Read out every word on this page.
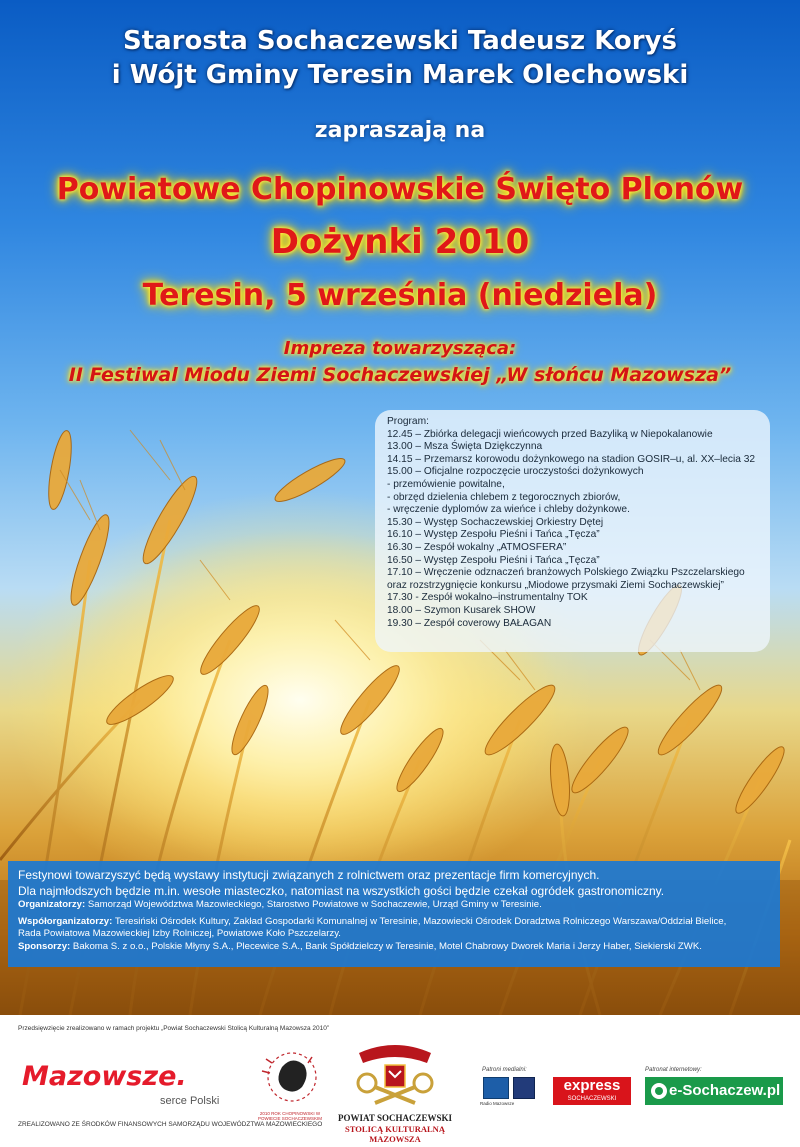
Starosta Sochaczewski Tadeusz Koryś
i Wójt Gminy Teresin Marek Olechowski
zapraszają na
Powiatowe Chopinowskie Święto Plonów
Dożynki 2010
Teresin, 5 września (niedziela)
Impreza towarzysząca:
II Festiwal Miodu Ziemi Sochaczewskiej „W słońcu Mazowsza”
Program:
12.45 – Zbiórka delegacji wieńcowych przed Bazyliką w Niepokalanowie
13.00 – Msza Święta Dziękczynna
14.15 – Przemarsz korowodu dożynkowego na stadion GOSIR–u, al. XX–lecia 32
15.00 – Oficjalne rozpoczęcie uroczystości dożynkowych
- przemówienie powitalne,
- obrzęd dzielenia chlebem z tegorocznych zbiorów,
- wręczenie dyplomów za wieńce i chleby dożynkowe.
15.30 – Występ Sochaczewskiej Orkiestry Dętej
16.10 – Występ Zespołu Pieśni i Tańca „Tęcza”
16.30 – Zespół wokalny „ATMOSFERA”
16.50 – Występ Zespołu Pieśni i Tańca „Tęcza”
17.10 – Wręczenie odznaczeń branżowych Polskiego Związku Pszczelarskiego
oraz rozstrzygnięcie konkursu „Miodowe przysmaki Ziemi Sochaczewskiej”
17.30 - Zespół wokalno–instrumentalny TOK
18.00 – Szymon Kusarek SHOW
19.30 – Zespół coverowy BAŁAGAN
Festynowi towarzyszyć będą wystawy instytucji związanych z rolnictwem oraz prezentacje firm komercyjnych.
Dla najmłodszych będzie m.in. wesołe miasteczko, natomiast na wszystkich gości będzie czekał ogródek gastronomiczny.
Organizatorzy: Samorząd Województwa Mazowieckiego, Starostwo Powiatowe w Sochaczewie, Urząd Gminy w Teresinie.
Współorganizatorzy: Teresiński Ośrodek Kultury, Zakład Gospodarki Komunalnej w Teresinie, Mazowiecki Ośrodek Doradztwa Rolniczego Warszawa/Oddział Bielice,
Rada Powiatowa Mazowieckiej Izby Rolniczej, Powiatowe Koło Pszczelarzy.
Sponsorzy: Bakoma S. z o.o., Polskie Młyny S.A., Plecewice S.A., Bank Spółdzielczy w Teresinie, Motel Chabrowy Dworek Maria i Jerzy Haber, Siekierski ZWK.
Przedsięwzięcie zrealizowano w ramach projektu „Powiat Sochaczewski Stolicą Kulturalną Mazowsza 2010”
Mazowsze.
serce Polski
2010 ROK CHOPINOWSKI W POWIECIE SOCHACZEWSKIM	POWIAT SOCHACZEWSKI
STOLICĄ KULTURALNĄ MAZOWSZA
Patroni medialni:
Radio Mazowsze
express
SOCHACZEWSKI
Patronat internetowy:
e-Sochaczew.pl
ZREALIZOWANO ZE ŚRODKÓW FINANSOWYCH SAMORZĄDU WOJEWÓDZTWA MAZOWIECKIEGO
